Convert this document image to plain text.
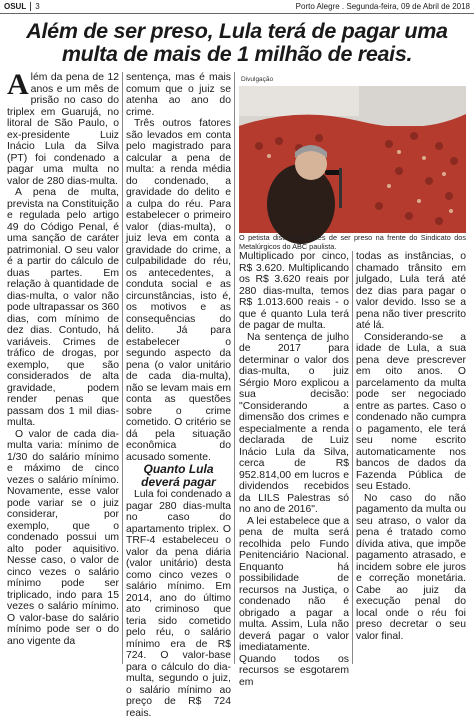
OSUL	3	Porto Alegre . Segunda-feira, 09 de Abril de 2018
Além de ser preso, Lula terá de pagar uma multa de mais de 1 milhão de reais.

Além da pena de 12 anos e um mês de prisão no caso do triplex em Guarujá, no litoral de São Paulo, o ex-presidente Luiz Inácio Lula da Silva (PT) foi condenado a pagar uma multa no valor de 280 dias-multa.

A pena de multa, prevista na Constituição e regulada pelo artigo 49 do Código Penal, é uma sanção de caráter patrimonial. O seu valor é a partir do cálculo de duas partes. Em relação à quantidade de dias-multa, o valor não pode ultrapassar os 360 dias, com mínimo de dez dias. Contudo, há variáveis. Crimes de tráfico de drogas, por exemplo, que são considerados de alta gravidade, podem render penas que passam dos 1 mil dias-multa.

O valor de cada dia-multa varia: mínimo de 1/30 do salário mínimo e máximo de cinco vezes o salário mínimo. Novamente, esse valor pode variar se o juiz considerar, por exemplo, que o condenado possui um alto poder aquisitivo. Nesse caso, o valor de cinco vezes o salário mínimo pode ser triplicado, indo para 15 vezes o salário mínimo. O valor-base do salário mínimo pode ser o do ano vigente da

sentença, mas é mais comum que o juiz se atenha ao ano do crime.

Três outros fatores são levados em conta pelo magistrado para calcular a pena de multa: a renda média do condenado, a gravidade do delito e a culpa do réu. Para estabelecer o primeiro valor (dias-multa), o juiz leva em conta a gravidade do crime, a culpabilidade do réu, os antecedentes, a conduta social e as circunstâncias, isto é, os motivos e as consequências do delito. Já para estabelecer o segundo aspecto da pena (o valor unitário de cada dia-multa), não se levam mais em conta as questões sobre o crime cometido. O critério se dá pela situação econômica do acusado somente.

Quanto Lula deverá pagar

Lula foi condenado a pagar 280 dias-multa no caso do apartamento triplex. O TRF-4 estabeleceu o valor da pena diária (valor unitário) desta como cinco vezes o salário mínimo. Em 2014, ano do último ato criminoso que teria sido cometido pelo réu, o salário mínimo era de R$ 724. O valor-base para o cálculo do dia-multa, segundo o juiz, o salário mínimo ao preço de R$ 724 reais.

Divulgação
O petista discursou antes de ser preso na frente do Sindicato dos Metalúrgicos do ABC paulista.

Multiplicado por cinco, R$ 3.620. Multiplicando os R$ 3.620 reais por 280 dias-multa, temos R$ 1.013.600 reais - o que é quanto Lula terá de pagar de multa.

Na sentença de julho de 2017 para determinar o valor dos dias-multa, o juiz Sérgio Moro explicou a sua decisão: "Considerando a dimensão dos crimes e especialmente a renda declarada de Luiz Inácio Lula da Silva, cerca de R$ 952.814,00 em lucros e dividendos recebidos da LILS Palestras só no ano de 2016".

A lei estabelece que a pena de multa será recolhida pelo Fundo Penitenciário Nacional. Enquanto há possibilidade de recursos na Justiça, o condenado não é obrigado a pagar a multa. Assim, Lula não deverá pagar o valor imediatamente. Quando todos os recursos se esgotarem em

todas as instâncias, o chamado trânsito em julgado, Lula terá até dez dias para pagar o valor devido. Isso se a pena não tiver prescrito até lá.

Considerando-se a idade de Lula, a sua pena deve prescrever em oito anos. O parcelamento da multa pode ser negociado entre as partes. Caso o condenado não cumpra o pagamento, ele terá seu nome escrito automaticamente nos bancos de dados da Fazenda Pública de seu Estado.

No caso do não pagamento da multa ou seu atraso, o valor da pena é tratado como dívida ativa, que impõe pagamento atrasado, e incidem sobre ele juros e correção monetária. Cabe ao juiz da execução penal do local onde o réu foi preso decretar o seu valor final.
